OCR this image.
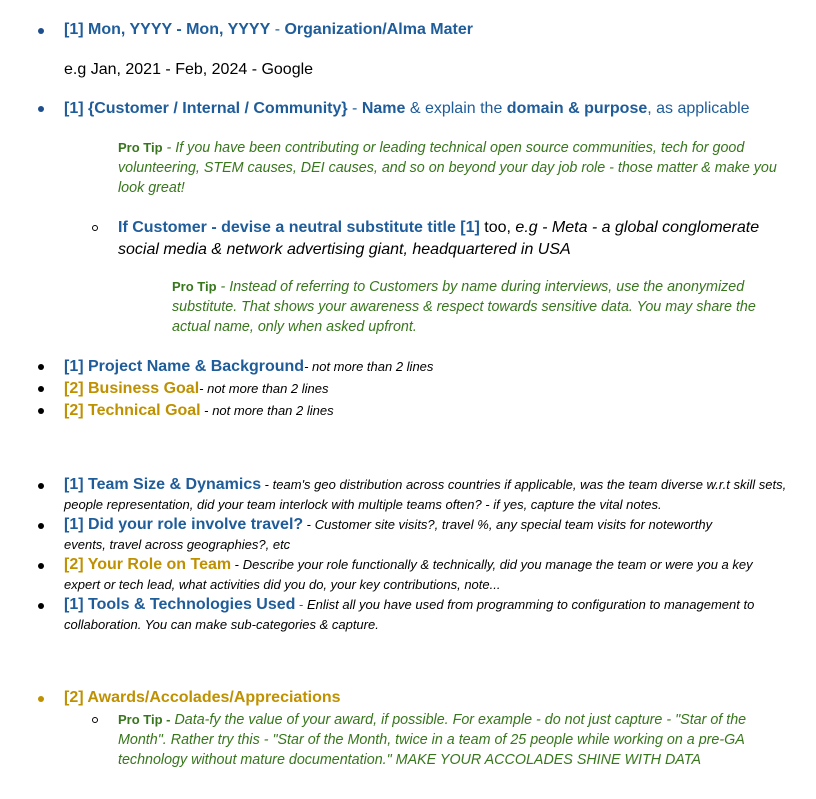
[1] Mon, YYYY - Mon, YYYY - Organization/Alma Mater
e.g Jan, 2021 - Feb, 2024 - Google
[1] {Customer / Internal / Community} - Name & explain the domain & purpose, as applicable
Pro Tip - If you have been contributing or leading technical open source communities, tech for good volunteering, STEM causes, DEI causes, and so on beyond your day job role - those matter & make you look great!
If Customer - devise a neutral substitute title [1] too, e.g - Meta - a global conglomerate social media & network advertising giant, headquartered in USA
Pro Tip - Instead of referring to Customers by name during interviews, use the anonymized substitute. That shows your awareness & respect towards sensitive data. You may share the actual name, only when asked upfront.
[1] Project Name & Background- not more than 2 lines
[2] Business Goal- not more than 2 lines
[2] Technical Goal - not more than 2 lines
[1] Team Size & Dynamics - team's geo distribution across countries if applicable, was the team diverse w.r.t skill sets, people representation, did your team interlock with multiple teams often? - if yes, capture the vital notes.
[1] Did your role involve travel? - Customer site visits?, travel %, any special team visits for noteworthy events, travel across geographies?, etc
[2] Your Role on Team - Describe your role functionally & technically, did you manage the team or were you a key expert or tech lead, what activities did you do, your key contributions, note...
[1] Tools & Technologies Used - Enlist all you have used from programming to configuration to management to collaboration. You can make sub-categories & capture.
[2] Awards/Accolades/Appreciations
Pro Tip - Data-fy the value of your award, if possible. For example - do not just capture - "Star of the Month". Rather try this - "Star of the Month, twice in a team of 25 people while working on a pre-GA technology without mature documentation." MAKE YOUR ACCOLADES SHINE WITH DATA
